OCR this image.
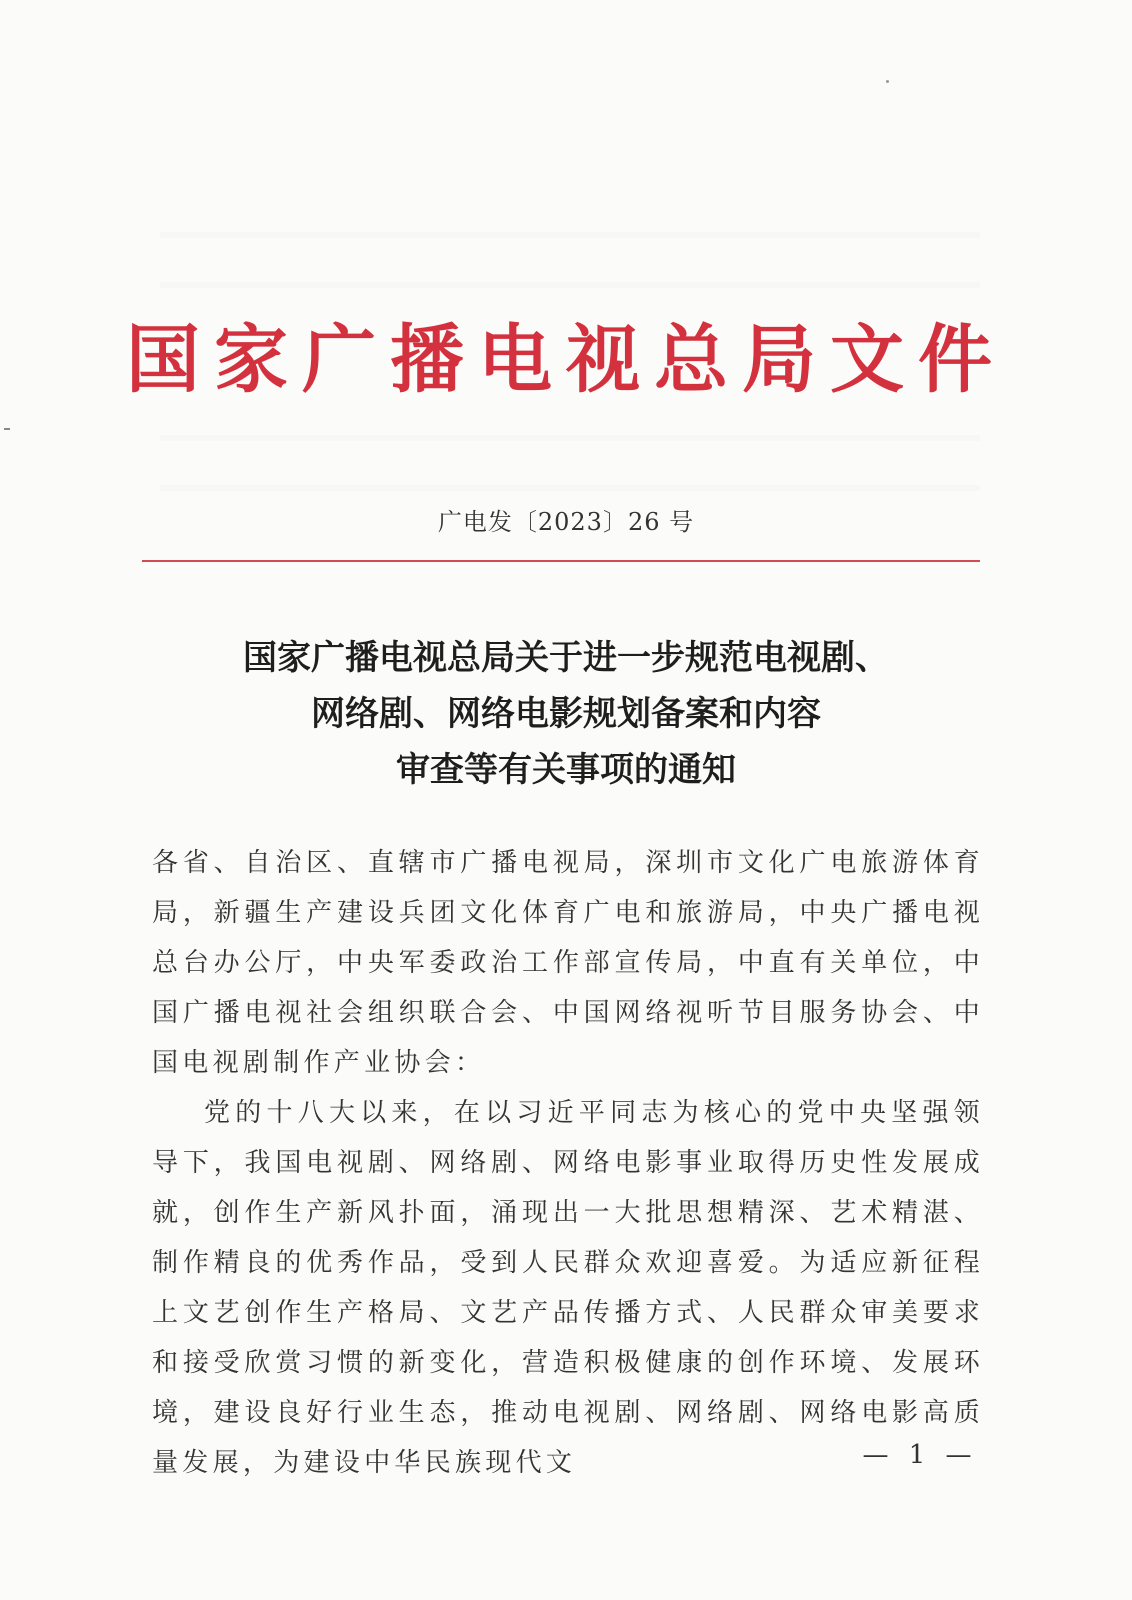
国家广播电视总局文件
广电发〔2023〕26 号
国家广播电视总局关于进一步规范电视剧、
网络剧、网络电影规划备案和内容
审查等有关事项的通知

各省、自治区、直辖市广播电视局，深圳市文化广电旅游体育局，新疆生产建设兵团文化体育广电和旅游局，中央广播电视总台办公厅，中央军委政治工作部宣传局，中直有关单位，中国广播电视社会组织联合会、中国网络视听节目服务协会、中国电视剧制作产业协会：

党的十八大以来，在以习近平同志为核心的党中央坚强领导下，我国电视剧、网络剧、网络电影事业取得历史性发展成就，创作生产新风扑面，涌现出一大批思想精深、艺术精湛、制作精良的优秀作品，受到人民群众欢迎喜爱。为适应新征程上文艺创作生产格局、文艺产品传播方式、人民群众审美要求和接受欣赏习惯的新变化，营造积极健康的创作环境、发展环境，建设良好行业生态，推动电视剧、网络剧、网络电影高质量发展，为建设中华民族现代文	— 1 —
